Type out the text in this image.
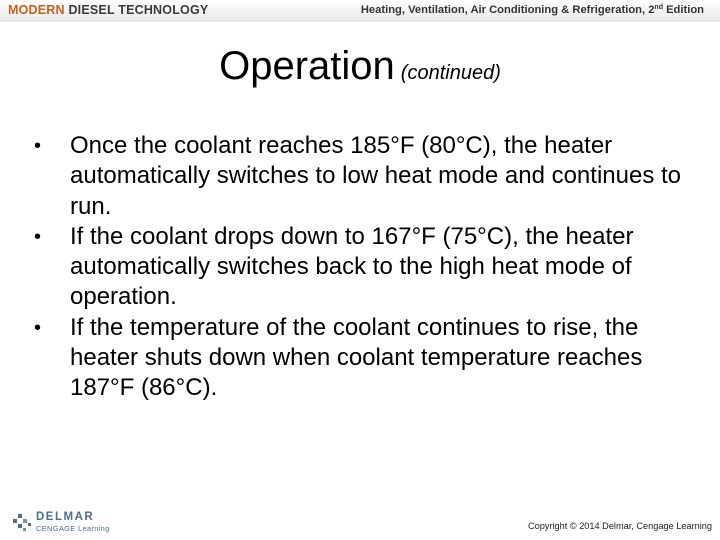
MODERN DIESEL TECHNOLOGY	Heating, Ventilation, Air Conditioning & Refrigeration, 2nd Edition
Operation (continued)
• Once the coolant reaches 185°F (80°C), the heater automatically switches to low heat mode and continues to run.
• If the coolant drops down to 167°F (75°C), the heater automatically switches back to the high heat mode of operation.
• If the temperature of the coolant continues to rise, the heater shuts down when coolant temperature reaches 187°F (86°C).
DELMAR
CENGAGE Learning	Copyright © 2014 Delmar, Cengage Learning
